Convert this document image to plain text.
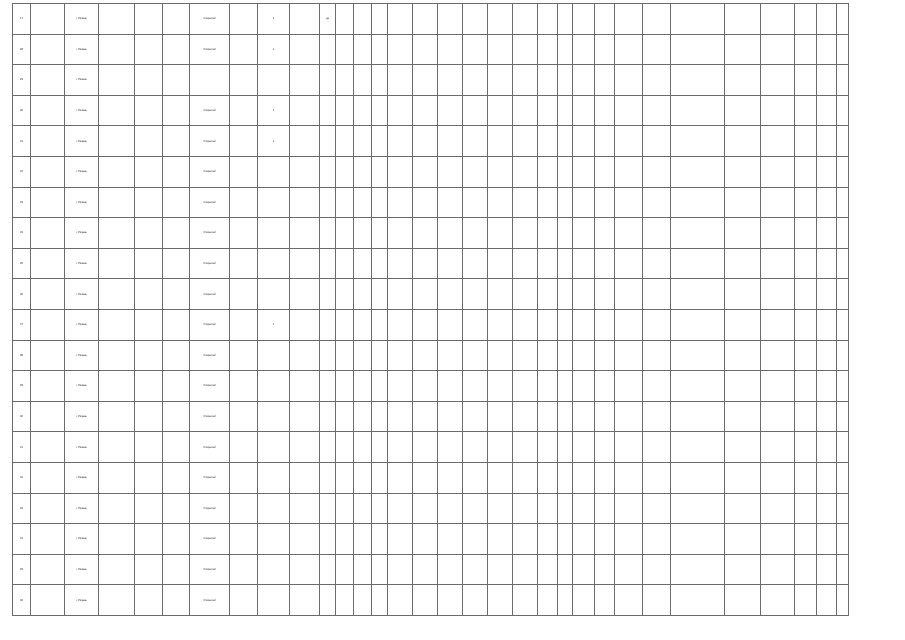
17		г. Рязань				Открытый		1		да																					
28		г. Рязань				Открытый		1																							
29		г. Рязань																													
30		г. Рязань				Открытый		1																							
31		г. Рязань				Открытый		1																							
32		г. Рязань				Открытый																									
33		г. Рязань				Открытый																									
34		г. Рязань				Открытый																									
35		г. Рязань				Открытый																									
36		г. Рязань				Открытый																									
37		г. Рязань				Открытый		1																							
38		г. Рязань				Открытый																									
39		г. Рязань				Открытый																									
40		г. Рязань				Открытый																									
41		г. Рязань				Открытый																									
42		г. Рязань				Открытый																									
43		г. Рязань				Открытый																									
44		г. Рязань				Открытый																									
45		г. Рязань				Открытый																									
46		г. Рязань				Открытый																									
